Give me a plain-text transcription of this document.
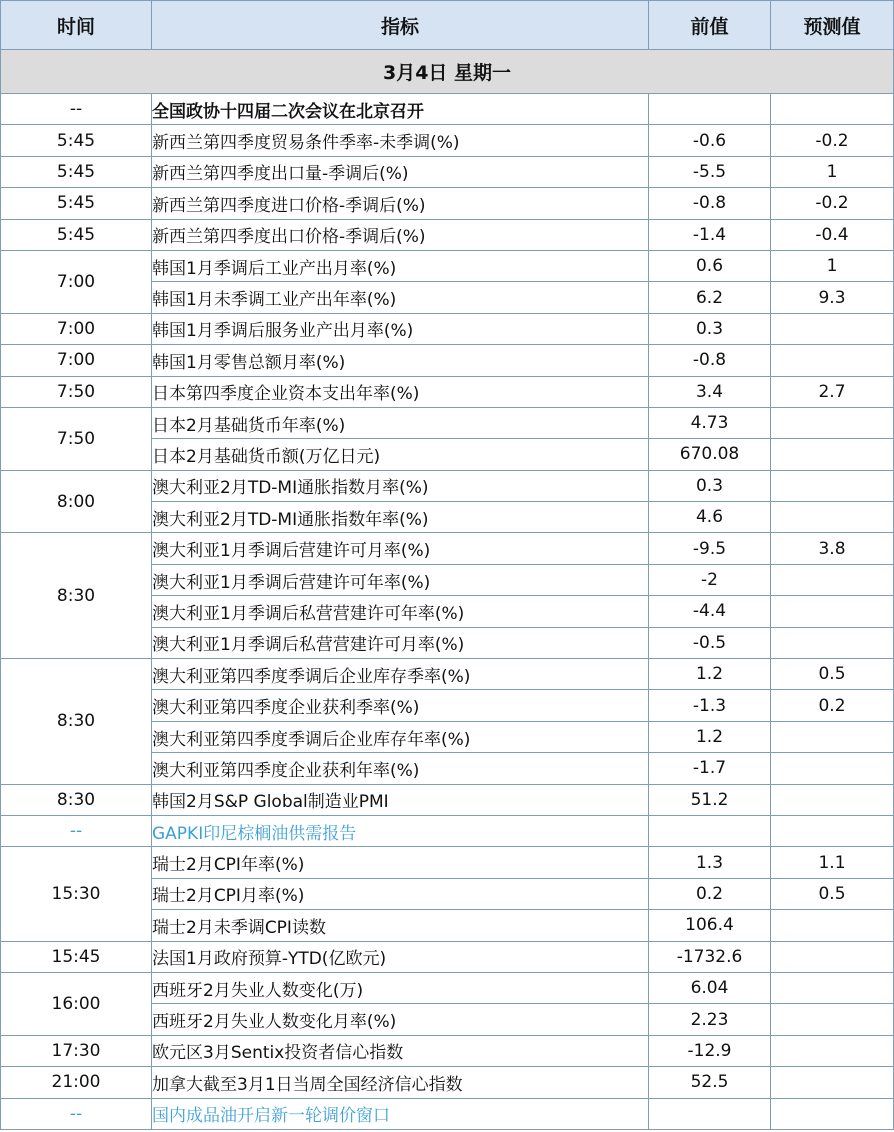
时间	指标	前值	预测值
3月4日 星期一			
--	全国政协十四届二次会议在北京召开		
5:45	新西兰第四季度贸易条件季率-未季调(%)	-0.6	-0.2
5:45	新西兰第四季度出口量-季调后(%)	-5.5	1
5:45	新西兰第四季度进口价格-季调后(%)	-0.8	-0.2
5:45	新西兰第四季度出口价格-季调后(%)	-1.4	-0.4
7:00	韩国1月季调后工业产出月率(%)	0.6	1
	韩国1月未季调工业产出年率(%)	6.2	9.3
7:00	韩国1月季调后服务业产出月率(%)	0.3	
7:00	韩国1月零售总额月率(%)	-0.8	
7:50	日本第四季度企业资本支出年率(%)	3.4	2.7
7:50	日本2月基础货币年率(%)	4.73	
	日本2月基础货币额(万亿日元)	670.08	
8:00	澳大利亚2月TD-MI通胀指数月率(%)	0.3	
	澳大利亚2月TD-MI通胀指数年率(%)	4.6	
8:30	澳大利亚1月季调后营建许可月率(%)	-9.5	3.8
	澳大利亚1月季调后营建许可年率(%)	-2	
	澳大利亚1月季调后私营营建许可年率(%)	-4.4	
	澳大利亚1月季调后私营营建许可月率(%)	-0.5	
8:30	澳大利亚第四季度季调后企业库存季率(%)	1.2	0.5
	澳大利亚第四季度企业获利季率(%)	-1.3	0.2
	澳大利亚第四季度季调后企业库存年率(%)	1.2	
	澳大利亚第四季度企业获利年率(%)	-1.7	
8:30	韩国2月S&P Global制造业PMI	51.2	
--	GAPKI印尼棕榈油供需报告		
15:30	瑞士2月CPI年率(%)	1.3	1.1
	瑞士2月CPI月率(%)	0.2	0.5
	瑞士2月未季调CPI读数	106.4	
15:45	法国1月政府预算-YTD(亿欧元)	-1732.6	
16:00	西班牙2月失业人数变化(万)	6.04	
	西班牙2月失业人数变化月率(%)	2.23	
17:30	欧元区3月Sentix投资者信心指数	-12.9	
21:00	加拿大截至3月1日当周全国经济信心指数	52.5	
--	国内成品油开启新一轮调价窗口		
